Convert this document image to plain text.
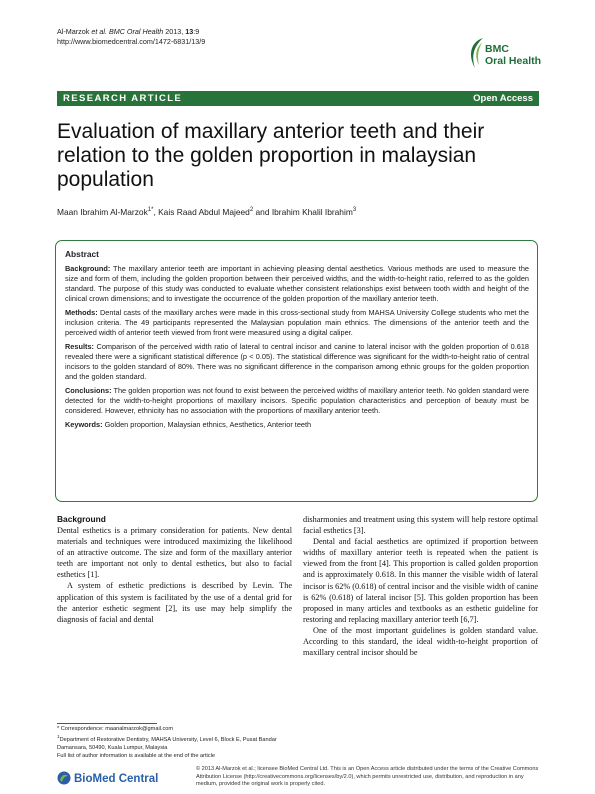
Al-Marzok et al. BMC Oral Health 2013, 13:9
http://www.biomedcentral.com/1472-6831/13/9
BMC
Oral Health
RESEARCH ARTICLE	Open Access
Evaluation of maxillary anterior teeth and their relation to the golden proportion in malaysian population
Maan Ibrahim Al-Marzok$^{1*}$, Kais Raad Abdul Majeed$^2$ and Ibrahim Khalil Ibrahim$^3$
Abstract

Background: The maxillary anterior teeth are important in achieving pleasing dental aesthetics. Various methods are used to measure the size and form of them, including the golden proportion between their perceived widths, and the width-to-height ratio, referred to as the golden standard. The purpose of this study was conducted to evaluate whether consistent relationships exist between tooth width and height of the clinical crown dimensions; and to investigate the occurrence of the golden proportion of the maxillary anterior teeth.

Methods: Dental casts of the maxillary arches were made in this cross-sectional study from MAHSA University College students who met the inclusion criteria. The 49 participants represented the Malaysian population main ethnics. The dimensions of the anterior teeth and the perceived width of anterior teeth viewed from front were measured using a digital caliper.

Results: Comparison of the perceived width ratio of lateral to central incisor and canine to lateral incisor with the golden proportion of 0.618 revealed there were a significant statistical difference (p < 0.05). The statistical difference was significant for the width-to-height ratio of central incisors to the golden standard of 80%. There was no significant difference in the comparison among ethnic groups for the golden proportion and the golden standard.

Conclusions: The golden proportion was not found to exist between the perceived widths of maxillary anterior teeth. No golden standard were detected for the width-to-height proportions of maxillary incisors. Specific population characteristics and perception of beauty must be considered. However, ethnicity has no association with the proportions of maxillary anterior teeth.

Keywords: Golden proportion, Malaysian ethnics, Aesthetics, Anterior teeth

Background

Dental esthetics is a primary consideration for patients. New dental materials and techniques were introduced maximizing the likelihood of an attractive outcome. The size and form of the maxillary anterior teeth are important not only to dental esthetics, but also to facial esthetics [1].

A system of esthetic predictions is described by Levin. The application of this system is facilitated by the use of a dental grid for the anterior esthetic segment [2], its use may help simplify the diagnosis of facial and dental

disharmonies and treatment using this system will help restore optimal facial esthetics [3].

Dental and facial aesthetics are optimized if proportion between widths of maxillary anterior teeth is repeated when the patient is viewed from the front [4]. This proportion is called golden proportion and is approximately 0.618. In this manner the visible width of lateral incisor is 62% (0.618) of central incisor and the visible width of canine is 62% (0.618) of lateral incisor [5]. This golden proportion has been proposed in many articles and textbooks as an esthetic guideline for restoring and replacing maxillary anterior teeth [6,7].

One of the most important guidelines is golden standard value. According to this standard, the ideal width-to-height proportion of maxillary central incisor should be

* Correspondence: maanalmarzok@gmail.com

$^1$Department of Restorative Dentistry, MAHSA University, Level 6, Block E, Pusat Bandar Damansara, 50490, Kuala Lumpur, Malaysia

Full list of author information is available at the end of the article

BioMed Central
© 2013 Al-Marzok et al.; licensee BioMed Central Ltd. This is an Open Access article distributed under the terms of the Creative Commons Attribution License (http://creativecommons.org/licenses/by/2.0), which permits unrestricted use, distribution, and reproduction in any medium, provided the original work is properly cited.
